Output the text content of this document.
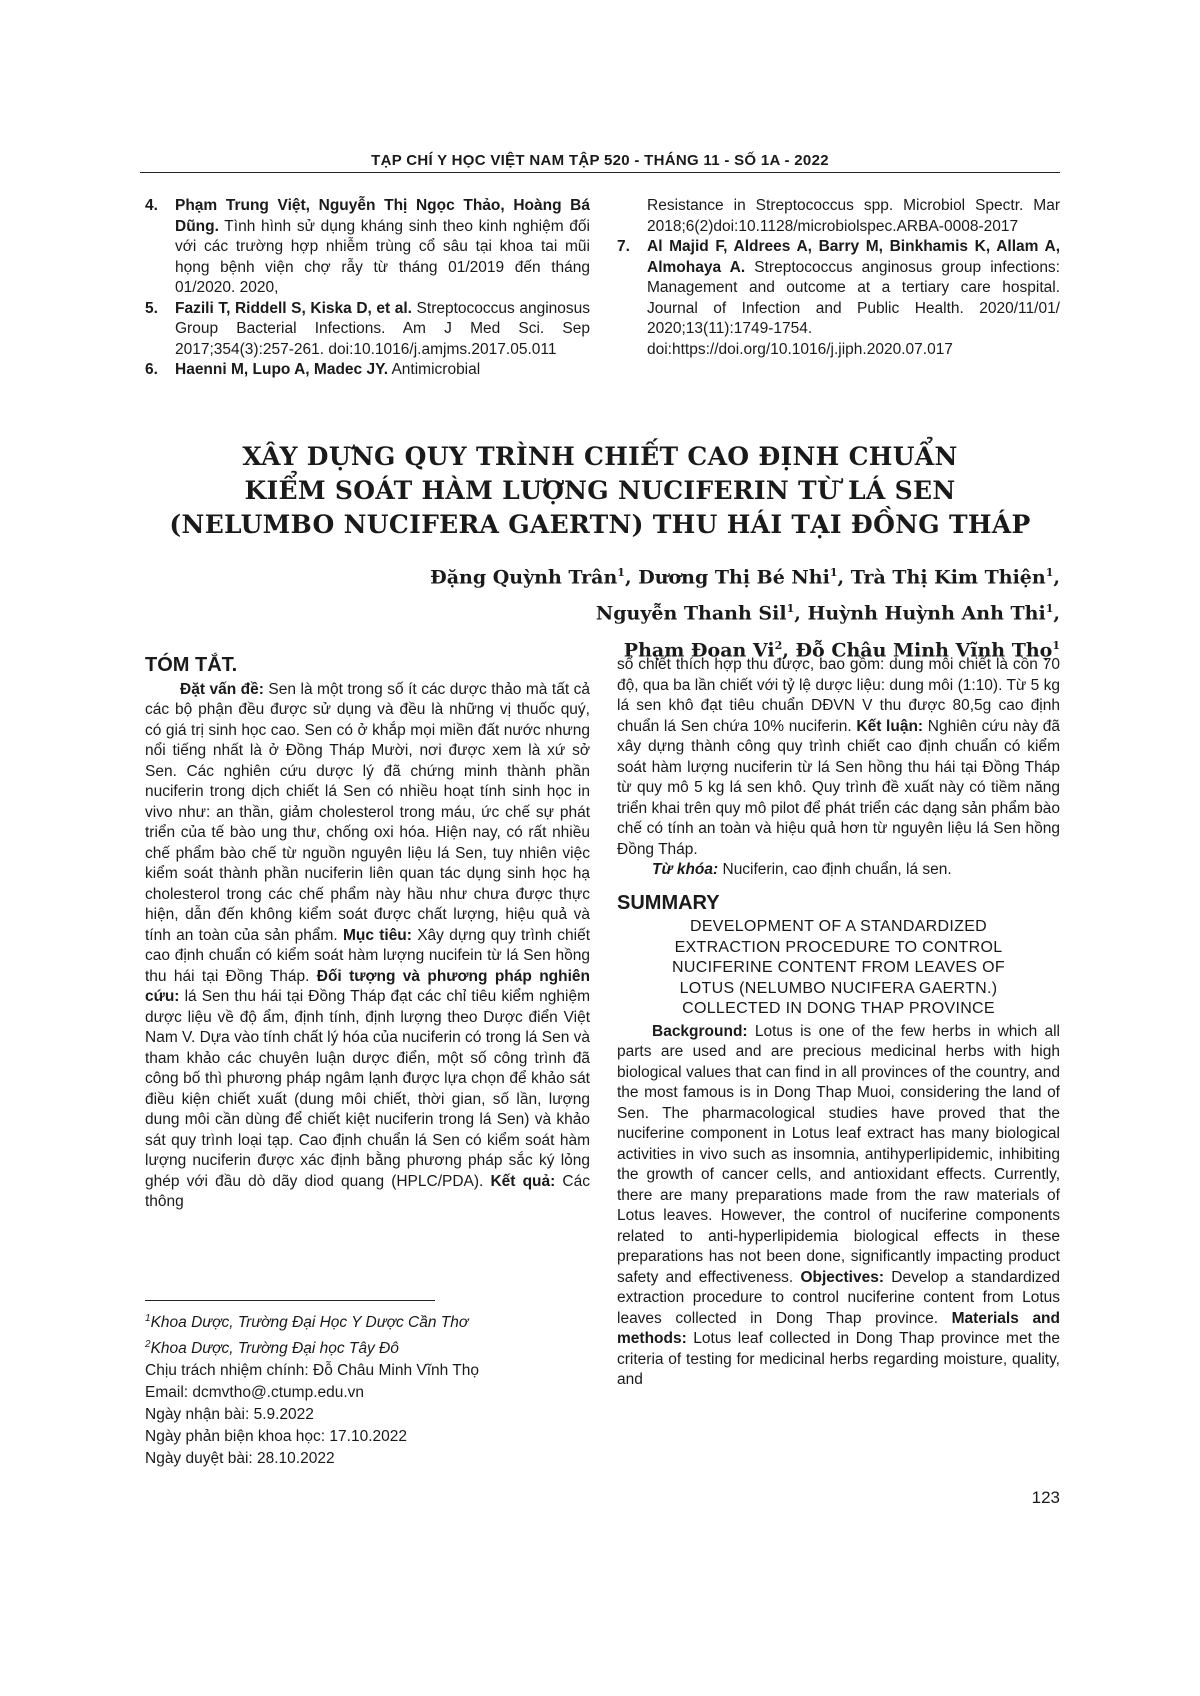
TẠP CHÍ Y HỌC VIỆT NAM TẬP 520 - THÁNG 11 - SỐ 1A - 2022
4.	Phạm Trung Việt, Nguyễn Thị Ngọc Thảo, Hoàng Bá Dũng. Tình hình sử dụng kháng sinh theo kinh nghiệm đối với các trường hợp nhiễm trùng cổ sâu tại khoa tai mũi họng bệnh viện chợ rẫy từ tháng 01/2019 đến tháng 01/2020. 2020,
5.	Fazili T, Riddell S, Kiska D, et al. Streptococcus anginosus Group Bacterial Infections. Am J Med Sci. Sep 2017;354(3):257-261. doi:10.1016/j.amjms.2017.05.011
6.	Haenni M, Lupo A, Madec JY. Antimicrobial
Resistance in Streptococcus spp. Microbiol Spectr. Mar 2018;6(2)doi:10.1128/microbiolspec.ARBA-0008-2017
7.	Al Majid F, Aldrees A, Barry M, Binkhamis K, Allam A, Almohaya A. Streptococcus anginosus group infections: Management and outcome at a tertiary care hospital. Journal of Infection and Public Health. 2020/11/01/ 2020;13(11):1749-1754. doi:https://doi.org/10.1016/j.jiph.2020.07.017
XÂY DỰNG QUY TRÌNH CHIẾT CAO ĐỊNH CHUẨN
KIỂM SOÁT HÀM LƯỢNG NUCIFERIN TỪ LÁ SEN
(NELUMBO NUCIFERA GAERTN) THU HÁI TẠI ĐỒNG THÁP
Đặng Quỳnh Trân$^1$, Dương Thị Bé Nhi$^1$, Trà Thị Kim Thiện$^1$,
Nguyễn Thanh Sil$^1$, Huỳnh Huỳnh Anh Thi$^1$,
Phạm Đoan Vi$^2$, Đỗ Châu Minh Vĩnh Thọ$^1$
TÓM TẮT.

Đặt vấn đề: Sen là một trong số ít các dược thảo mà tất cả các bộ phận đều được sử dụng và đều là những vị thuốc quý, có giá trị sinh học cao. Sen có ở khắp mọi miền đất nước nhưng nổi tiếng nhất là ở Đồng Tháp Mười, nơi được xem là xứ sở Sen. Các nghiên cứu dược lý đã chứng minh thành phần nuciferin trong dịch chiết lá Sen có nhiều hoạt tính sinh học in vivo như: an thần, giảm cholesterol trong máu, ức chế sự phát triển của tế bào ung thư, chống oxi hóa. Hiện nay, có rất nhiều chế phẩm bào chế từ nguồn nguyên liệu lá Sen, tuy nhiên việc kiểm soát thành phần nuciferin liên quan tác dụng sinh học hạ cholesterol trong các chế phẩm này hầu như chưa được thực hiện, dẫn đến không kiểm soát được chất lượng, hiệu quả và tính an toàn của sản phẩm. Mục tiêu: Xây dựng quy trình chiết cao định chuẩn có kiểm soát hàm lượng nucifein từ lá Sen hồng thu hái tại Đồng Tháp. Đối tượng và phương pháp nghiên cứu: lá Sen thu hái tại Đồng Tháp đạt các chỉ tiêu kiểm nghiệm dược liệu về độ ẩm, định tính, định lượng theo Dược điển Việt Nam V. Dựa vào tính chất lý hóa của nuciferin có trong lá Sen và tham khảo các chuyên luận dược điển, một số công trình đã công bố thì phương pháp ngâm lạnh được lựa chọn để khảo sát điều kiện chiết xuất (dung môi chiết, thời gian, số lần, lượng dung môi cần dùng để chiết kiệt nuciferin trong lá Sen) và khảo sát quy trình loại tạp. Cao định chuẩn lá Sen có kiểm soát hàm lượng nuciferin được xác định bằng phương pháp sắc ký lỏng ghép với đầu dò dãy diod quang (HPLC/PDA). Kết quả: Các thông

số chiết thích hợp thu được, bao gồm: dung môi chiết là cồn 70 độ, qua ba lần chiết với tỷ lệ dược liệu: dung môi (1:10). Từ 5 kg lá sen khô đạt tiêu chuẩn DĐVN V thu được 80,5g cao định chuẩn lá Sen chứa 10% nuciferin. Kết luận: Nghiên cứu này đã xây dựng thành công quy trình chiết cao định chuẩn có kiểm soát hàm lượng nuciferin từ lá Sen hồng thu hái tại Đồng Tháp từ quy mô 5 kg lá sen khô. Quy trình đề xuất này có tiềm năng triển khai trên quy mô pilot để phát triển các dạng sản phẩm bào chế có tính an toàn và hiệu quả hơn từ nguyên liệu lá Sen hồng Đồng Tháp.

Từ khóa: Nuciferin, cao định chuẩn, lá sen.

SUMMARY
DEVELOPMENT OF A STANDARDIZED
EXTRACTION PROCEDURE TO CONTROL
NUCIFERINE CONTENT FROM LEAVES OF
LOTUS (NELUMBO NUCIFERA GAERTN.)
COLLECTED IN DONG THAP PROVINCE

Background: Lotus is one of the few herbs in which all parts are used and are precious medicinal herbs with high biological values that can find in all provinces of the country, and the most famous is in Dong Thap Muoi, considering the land of Sen. The pharmacological studies have proved that the nuciferine component in Lotus leaf extract has many biological activities in vivo such as insomnia, antihyperlipidemic, inhibiting the growth of cancer cells, and antioxidant effects. Currently, there are many preparations made from the raw materials of Lotus leaves. However, the control of nuciferine components related to anti-hyperlipidemia biological effects in these preparations has not been done, significantly impacting product safety and effectiveness. Objectives: Develop a standardized extraction procedure to control nuciferine content from Lotus leaves collected in Dong Thap province. Materials and methods: Lotus leaf collected in Dong Thap province met the criteria of testing for medicinal herbs regarding moisture, quality, and

$^1$Khoa Dược, Trường Đại Học Y Dược Cần Thơ
$^2$Khoa Dược, Trường Đại học Tây Đô
Chịu trách nhiệm chính: Đỗ Châu Minh Vĩnh Thọ
Email: dcmvtho@.ctump.edu.vn
Ngày nhận bài: 5.9.2022
Ngày phản biện khoa học: 17.10.2022
Ngày duyệt bài: 28.10.2022
123
